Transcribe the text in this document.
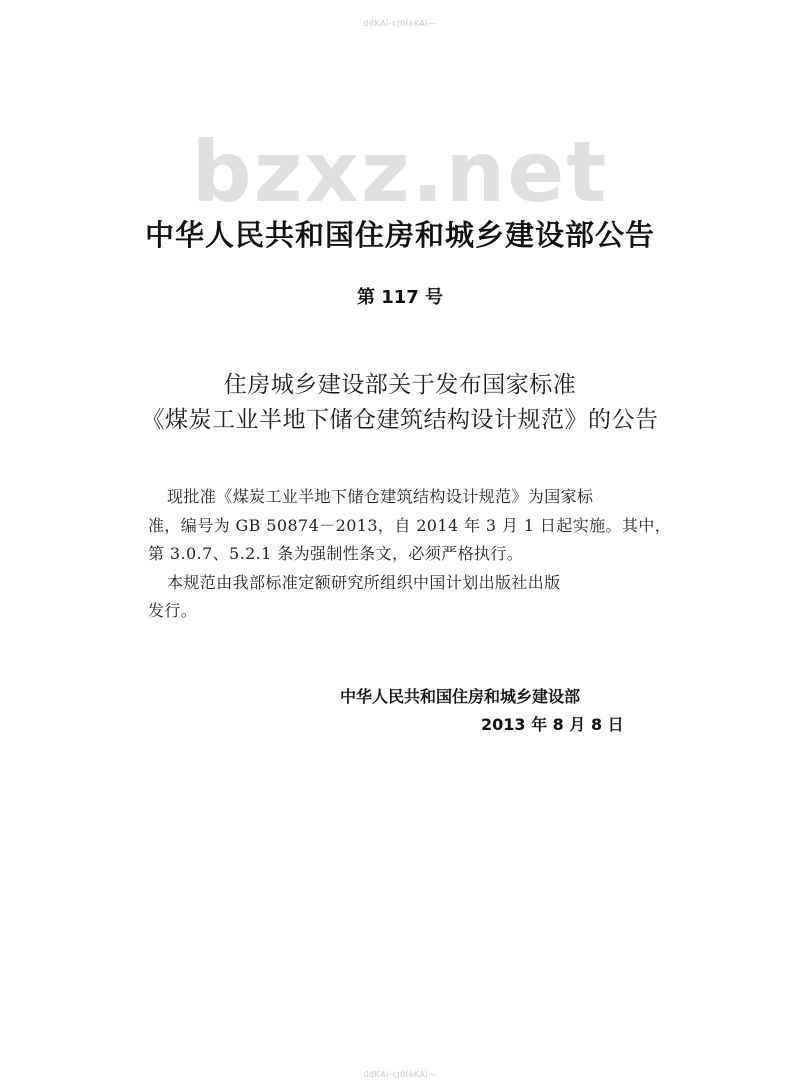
đđKAì-cJ0ÏàKAì—
bzxz.net
中华人民共和国住房和城乡建设部公告
第 117 号
住房城乡建设部关于发布国家标准
《煤炭工业半地下储仓建筑结构设计规范》的公告
现批准《煤炭工业半地下储仓建筑结构设计规范》为国家标
准，编号为 GB 50874－2013，自 2014 年 3 月 1 日起实施。其中，
第 3.0.7、5.2.1 条为强制性条文，必须严格执行。
本规范由我部标准定额研究所组织中国计划出版社出版
发行。
中华人民共和国住房和城乡建设部
2013 年 8 月 8 日
đđKAì-cJ0ÏàKAì—
